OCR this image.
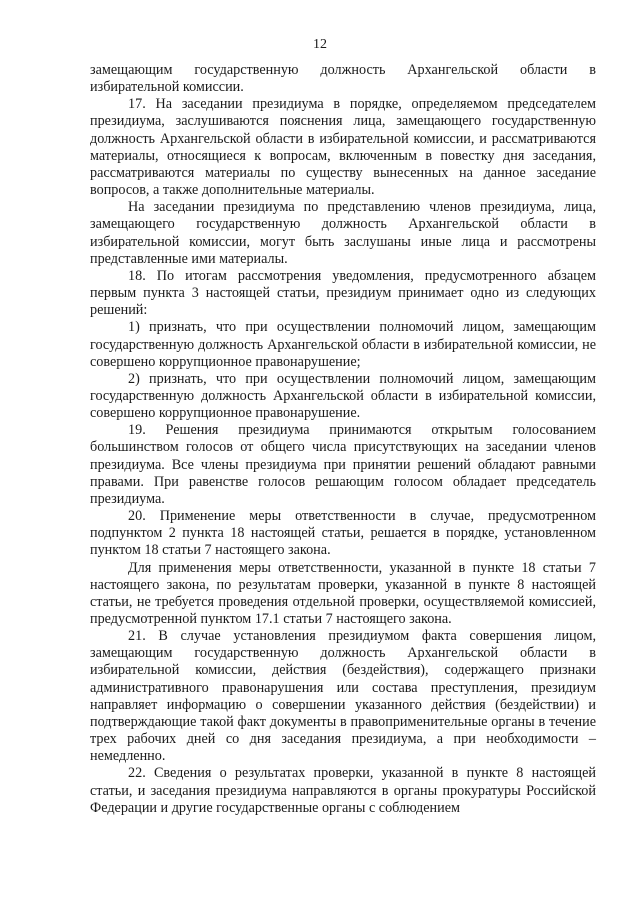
12

замещающим государственную должность Архангельской области в избирательной комиссии.

17. На заседании президиума в порядке, определяемом председателем президиума, заслушиваются пояснения лица, замещающего государственную должность Архангельской области в избирательной комиссии, и рассматриваются материалы, относящиеся к вопросам, включенным в повестку дня заседания, рассматриваются материалы по существу вынесенных на данное заседание вопросов, а также дополнительные материалы.

На заседании президиума по представлению членов президиума, лица, замещающего государственную должность Архангельской области в избирательной комиссии, могут быть заслушаны иные лица и рассмотрены представленные ими материалы.

18. По итогам рассмотрения уведомления, предусмотренного абзацем первым пункта 3 настоящей статьи, президиум принимает одно из следующих решений:

1) признать, что при осуществлении полномочий лицом, замещающим государственную должность Архангельской области в избирательной комиссии, не совершено коррупционное правонарушение;

2) признать, что при осуществлении полномочий лицом, замещающим государственную должность Архангельской области в избирательной комиссии, совершено коррупционное правонарушение.

19. Решения президиума принимаются открытым голосованием большинством голосов от общего числа присутствующих на заседании членов президиума. Все члены президиума при принятии решений обладают равными правами. При равенстве голосов решающим голосом обладает председатель президиума.

20. Применение меры ответственности в случае, предусмотренном подпунктом 2 пункта 18 настоящей статьи, решается в порядке, установленном пунктом 18 статьи 7 настоящего закона.

Для применения меры ответственности, указанной в пункте 18 статьи 7 настоящего закона, по результатам проверки, указанной в пункте 8 настоящей статьи, не требуется проведения отдельной проверки, осуществляемой комиссией, предусмотренной пунктом 17.1 статьи 7 настоящего закона.

21. В случае установления президиумом факта совершения лицом, замещающим государственную должность Архангельской области в избирательной комиссии, действия (бездействия), содержащего признаки административного правонарушения или состава преступления, президиум направляет информацию о совершении указанного действия (бездействии) и подтверждающие такой факт документы в правоприменительные органы в течение трех рабочих дней со дня заседания президиума, а при необходимости – немедленно.

22. Сведения о результатах проверки, указанной в пункте 8 настоящей статьи, и заседания президиума направляются в органы прокуратуры Российской Федерации и другие государственные органы с соблюдением
